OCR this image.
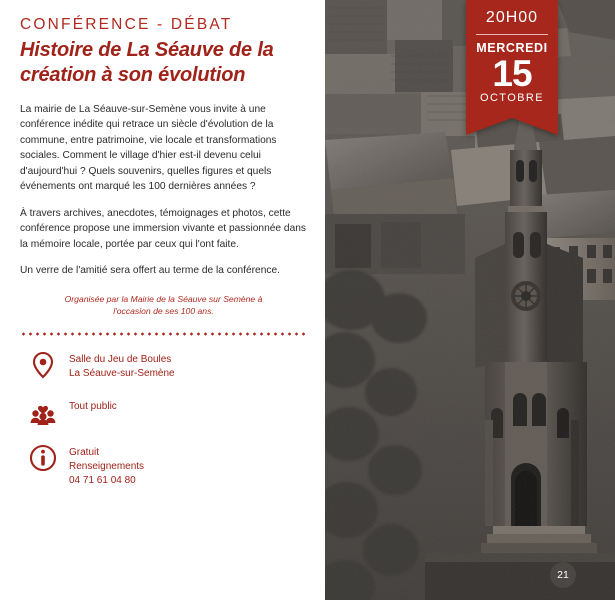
CONFÉRENCE - DÉBAT
Histoire de La Séauve de la
création à son évolution

La mairie de La Séauve-sur-Semène vous invite à une conférence inédite qui retrace un siècle d'évolution de la commune, entre patrimoine, vie locale et transformations sociales. Comment le village d'hier est-il devenu celui d'aujourd'hui ? Quels souvenirs, quelles figures et quels événements ont marqué les 100 dernières années ?

À travers archives, anecdotes, témoignages et photos, cette conférence propose une immersion vivante et passionnée dans la mémoire locale, portée par ceux qui l'ont faite.

Un verre de l'amitié sera offert au terme de la conférence.

Organisée par la Mairie de la Séauve sur Semène à
l'occasion de ses 100 ans.
Salle du Jeu de Boules
La Séauve-sur-Semène
Tout public
Gratuit
Renseignements
04 71 61 04 80
20H00
MERCREDI
15
OCTOBRE
21
